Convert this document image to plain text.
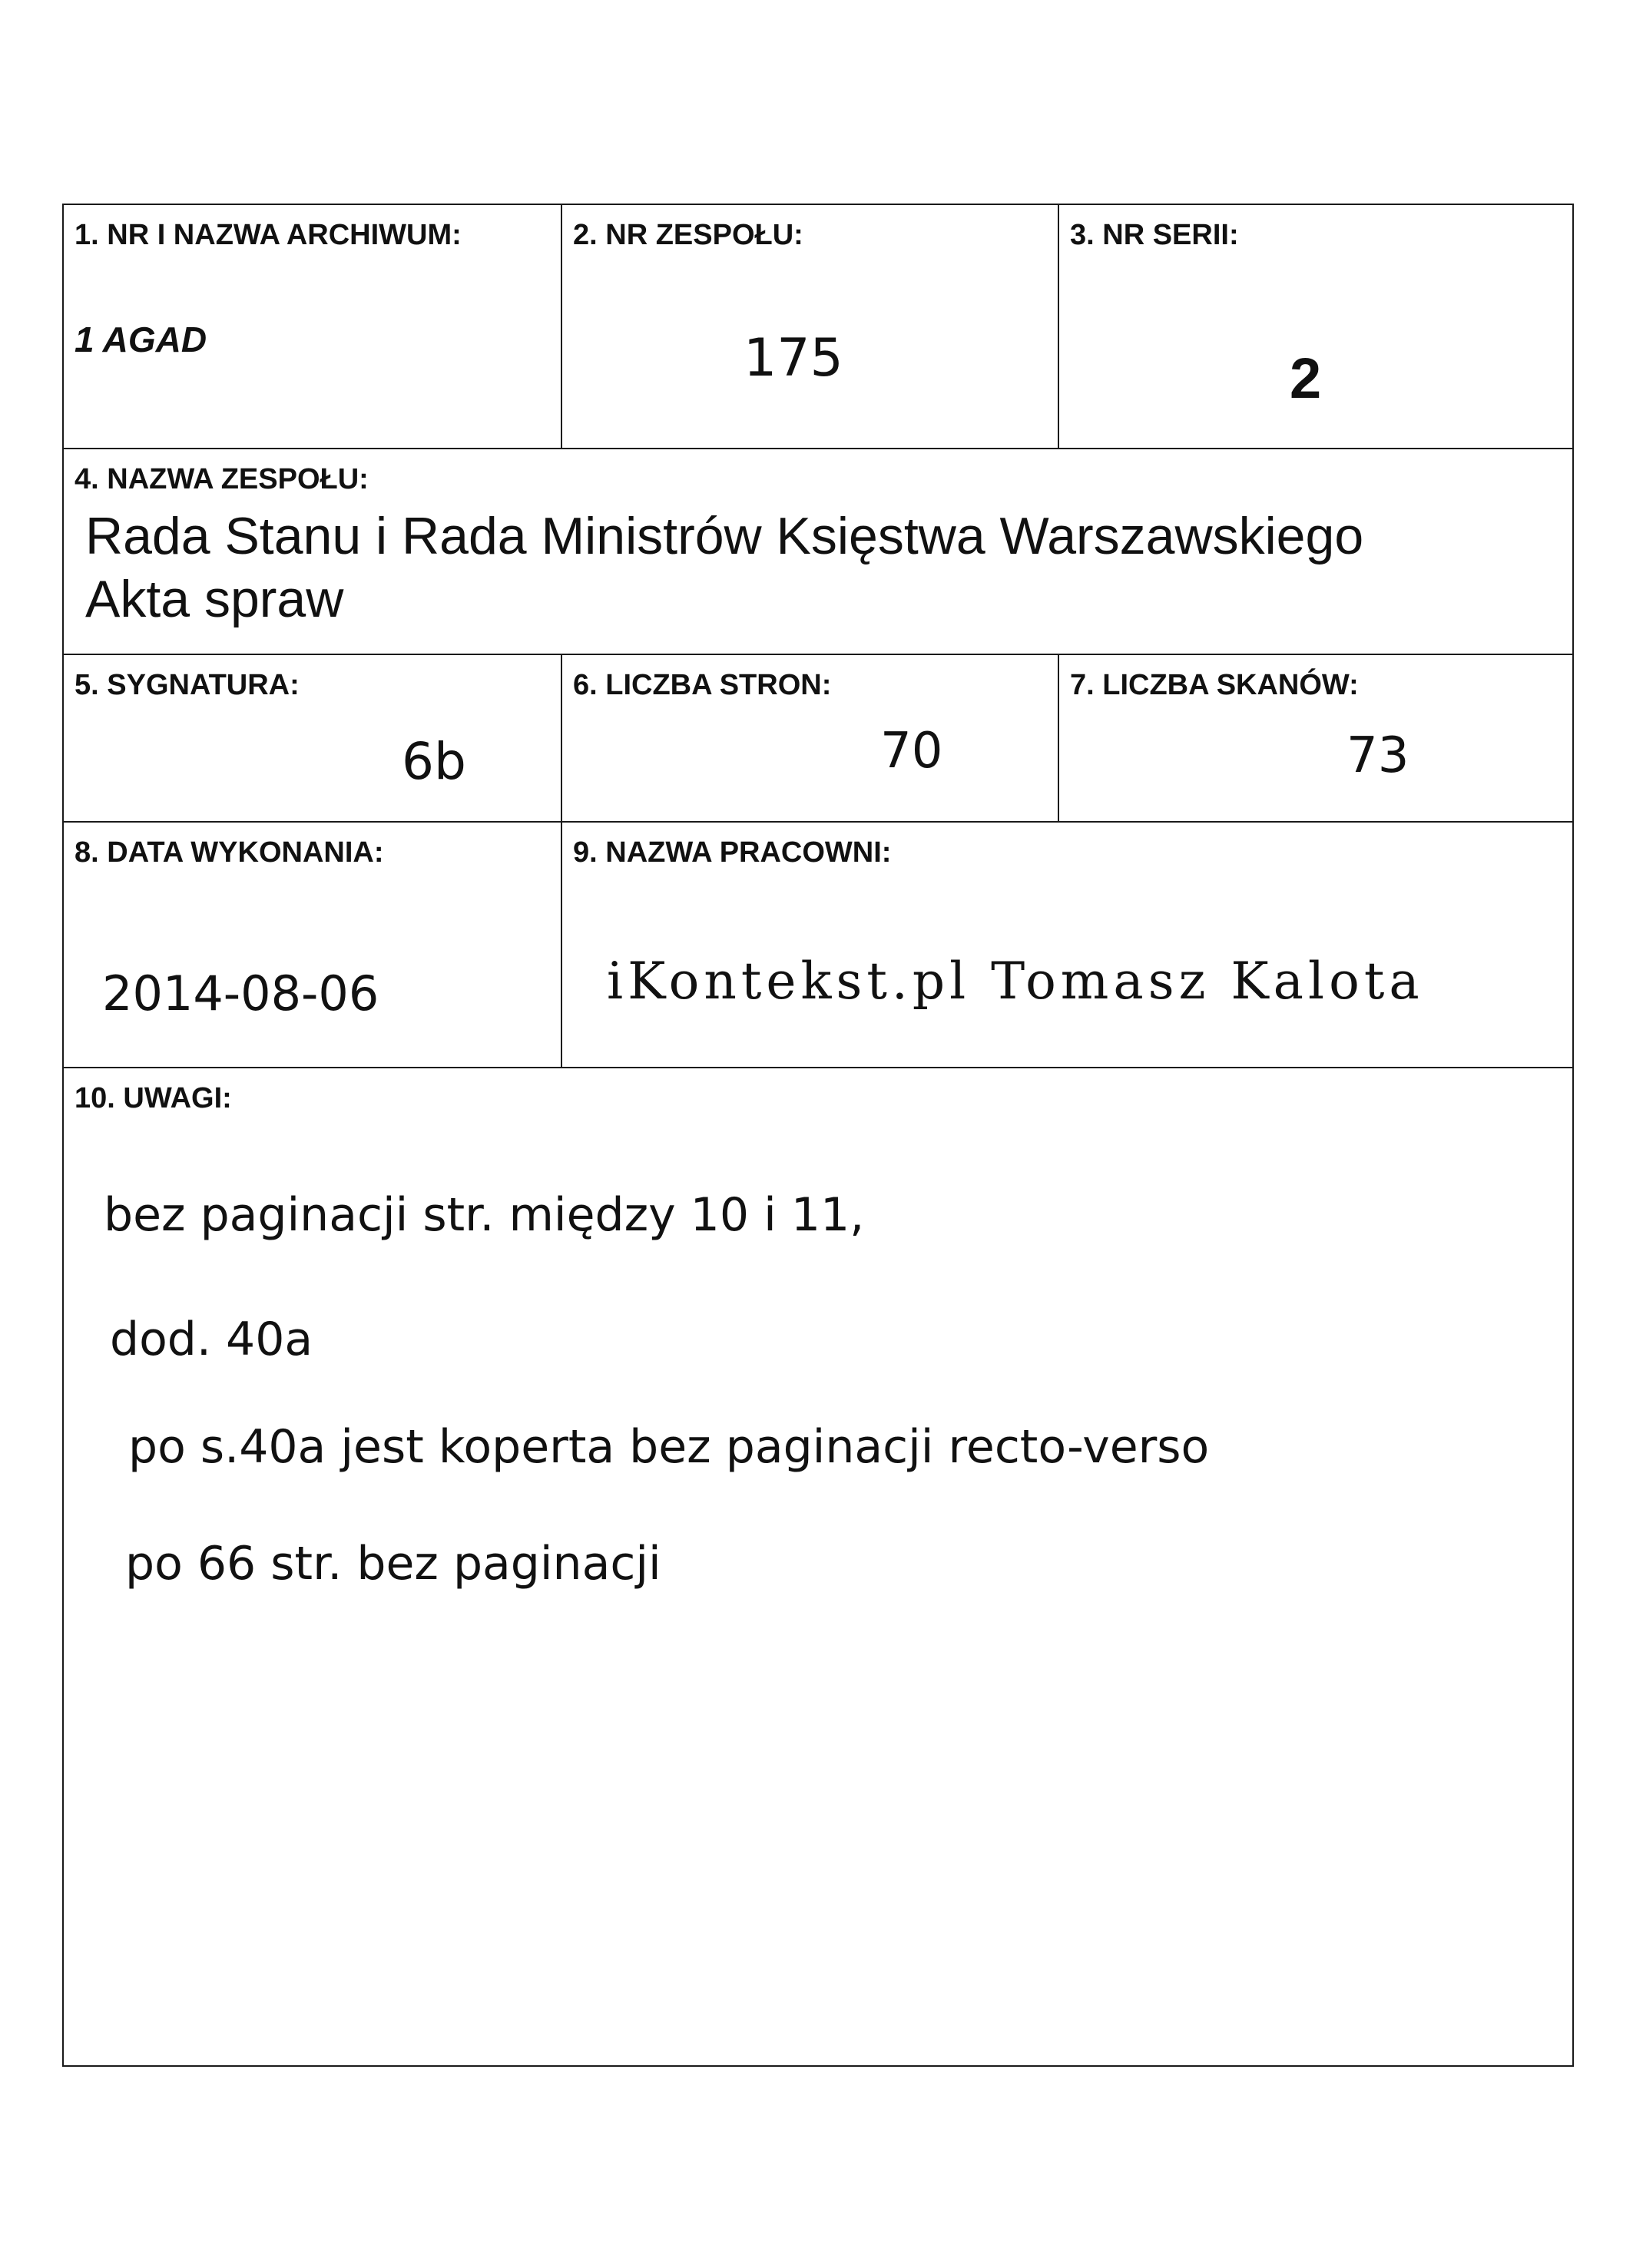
1. NR I NAZWA ARCHIWUM:
1 AGAD
2. NR ZESPOŁU:
175
3. NR SERII:
2
4. NAZWA ZESPOŁU:
Rada Stanu i Rada Ministrów Księstwa Warszawskiego
Akta spraw
5. SYGNATURA:
6b
6. LICZBA STRON:
70
7. LICZBA SKANÓW:
73
8. DATA WYKONANIA:
2014-08-06
9. NAZWA PRACOWNI:
iKontekst.pl Tomasz Kalota
10. UWAGI:
bez paginacji str. między 10 i 11,
dod. 40a
po s.40a jest koperta bez paginacji recto-verso
po 66 str. bez paginacji
